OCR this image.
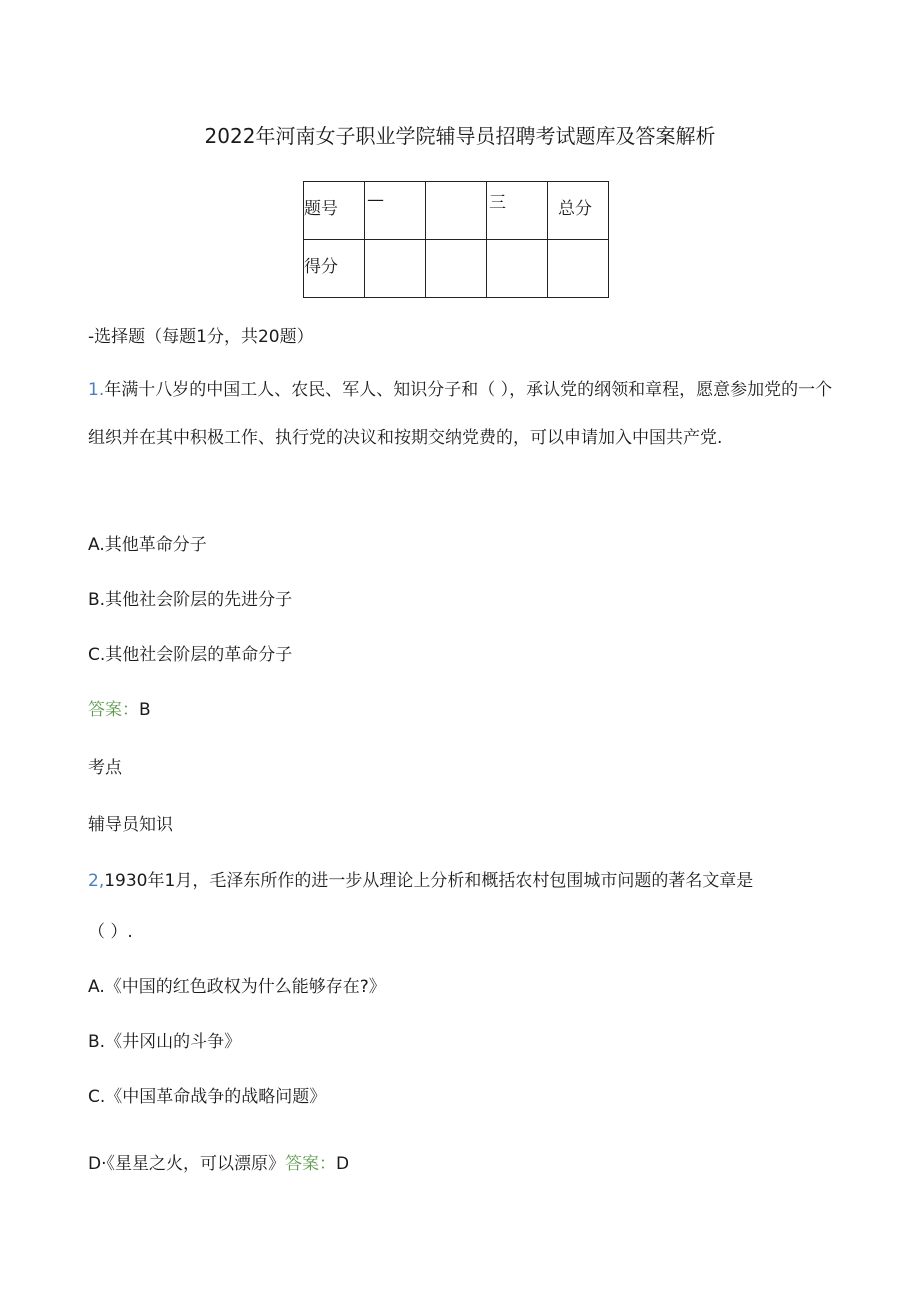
2022年河南女子职业学院辅导员招聘考试题库及答案解析
题号	—		三	总分
得分				
-选择题（每题1分，共20题）
1.年满十八岁的中国工人、农民、军人、知识分子和（ ），承认党的纲领和章程，愿意参加党的一个组织并在其中积极工作、执行党的决议和按期交纳党费的，可以申请加入中国共产党.
A.其他革命分子
B.其他社会阶层的先进分子
C.其他社会阶层的革命分子
答案：B
考点
辅导员知识
2,1930年1月，毛泽东所作的进一步从理论上分析和概括农村包围城市问题的著名文章是
（ ）.
A.《中国的红色政权为什么能够存在?》
B.《井冈山的斗争》
C.《中国革命战争的战略问题》
D·《星星之火，可以漂原》答案：D
